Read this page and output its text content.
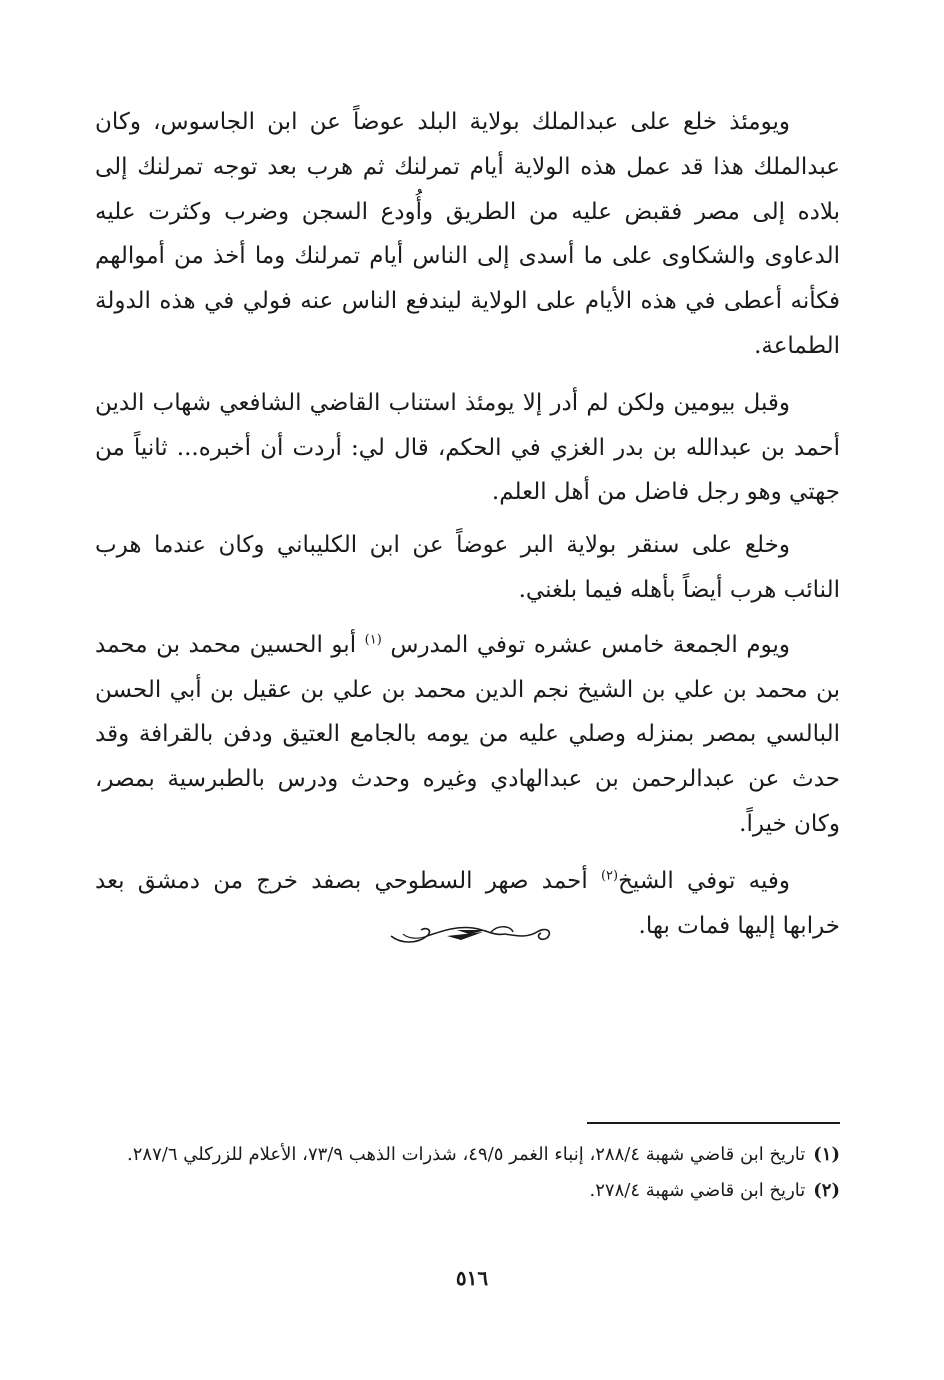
ويومئذ خلع على عبدالملك بولاية البلد عوضاً عن ابن الجاسوس، وكان عبدالملك هذا قد عمل هذه الولاية أيام تمرلنك ثم هرب بعد توجه تمرلنك إلى بلاده إلى مصر فقبض عليه من الطريق وأُودع السجن وضرب وكثرت عليه الدعاوى والشكاوى على ما أسدى إلى الناس أيام تمرلنك وما أخذ من أموالهم فكأنه أعطى في هذه الأيام على الولاية ليندفع الناس عنه فولي في هذه الدولة الطماعة.

وقبل بيومين ولكن لم أدر إلا يومئذ استناب القاضي الشافعي شهاب الدين أحمد بن عبدالله بن بدر الغزي في الحكم، قال لي: أردت أن أخبره... ثانياً من جهتي وهو رجل فاضل من أهل العلم.

وخلع على سنقر بولاية البر عوضاً عن ابن الكليباني وكان عندما هرب النائب هرب أيضاً بأهله فيما بلغني.

ويوم الجمعة خامس عشره توفي المدرس $^{(١)}$ أبو الحسين محمد بن محمد بن محمد بن علي بن الشيخ نجم الدين محمد بن علي بن عقيل بن أبي الحسن البالسي بمصر بمنزله وصلي عليه من يومه بالجامع العتيق ودفن بالقرافة وقد حدث عن عبدالرحمن بن عبدالهادي وغيره وحدث ودرس بالطبرسية بمصر، وكان خيراً.

وفيه توفي الشيخ$^{(٢)}$ أحمد صهر السطوحي بصفد خرج من دمشق بعد خرابها إليها فمات بها.

(١)
تاريخ ابن قاضي شهبة ٢٨٨/٤، إنباء الغمر ٤٩/٥، شذرات الذهب ٧٣/٩، الأعلام للزركلي ٢٨٧/٦.
(٢)
تاريخ ابن قاضي شهبة ٢٧٨/٤.
٥١٦
